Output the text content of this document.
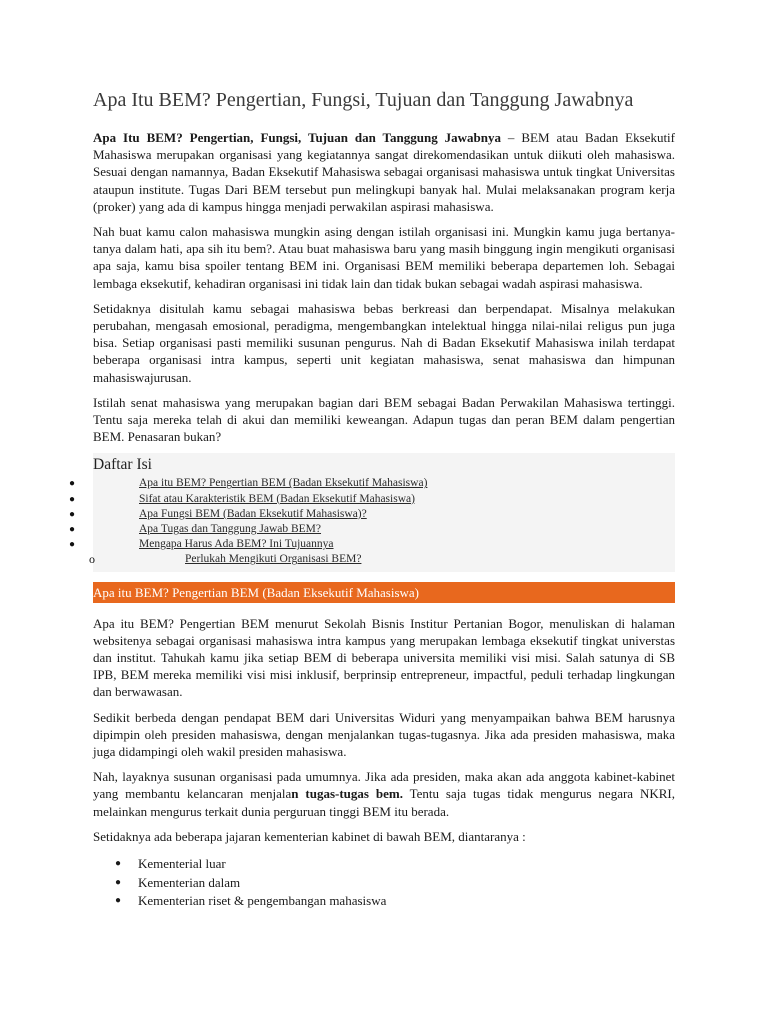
Apa Itu BEM? Pengertian, Fungsi, Tujuan dan Tanggung Jawabnya

Apa Itu BEM? Pengertian, Fungsi, Tujuan dan Tanggung Jawabnya – BEM atau Badan Eksekutif Mahasiswa merupakan organisasi yang kegiatannya sangat direkomendasikan untuk diikuti oleh mahasiswa. Sesuai dengan namannya, Badan Eksekutif Mahasiswa sebagai organisasi mahasiswa untuk tingkat Universitas ataupun institute. Tugas Dari BEM tersebut pun melingkupi banyak hal. Mulai melaksanakan program kerja (proker) yang ada di kampus hingga menjadi perwakilan aspirasi mahasiswa.

Nah buat kamu calon mahasiswa mungkin asing dengan istilah organisasi ini. Mungkin kamu juga bertanya-tanya dalam hati, apa sih itu bem?. Atau buat mahasiswa baru yang masih binggung ingin mengikuti organisasi apa saja, kamu bisa spoiler tentang BEM ini. Organisasi BEM memiliki beberapa departemen loh. Sebagai lembaga eksekutif, kehadiran organisasi ini tidak lain dan tidak bukan sebagai wadah aspirasi mahasiswa.

Setidaknya disitulah kamu sebagai mahasiswa bebas berkreasi dan berpendapat. Misalnya melakukan perubahan, mengasah emosional, peradigma, mengembangkan intelektual hingga nilai-nilai religus pun juga bisa. Setiap organisasi pasti memiliki susunan pengurus. Nah di Badan Eksekutif Mahasiswa inilah terdapat beberapa organisasi intra kampus, seperti unit kegiatan mahasiswa, senat mahasiswa dan himpunan mahasiswajurusan.

Istilah senat mahasiswa yang merupakan bagian dari BEM sebagai Badan Perwakilan Mahasiswa tertinggi. Tentu saja mereka telah di akui dan memiliki keweangan. Adapun tugas dan peran BEM dalam pengertian BEM. Penasaran bukan?

Daftar Isi
●	Apa itu BEM? Pengertian BEM (Badan Eksekutif Mahasiswa)
●	Sifat atau Karakteristik BEM (Badan Eksekutif Mahasiswa)
●	Apa Fungsi BEM (Badan Eksekutif Mahasiswa)?
●	Apa Tugas dan Tanggung Jawab BEM?
●	Mengapa Harus Ada BEM? Ini Tujuannya
o	Perlukah Mengikuti Organisasi BEM?
Apa itu BEM? Pengertian BEM (Badan Eksekutif Mahasiswa)

Apa itu BEM? Pengertian BEM menurut Sekolah Bisnis Institur Pertanian Bogor, menuliskan di halaman websitenya sebagai organisasi mahasiswa intra kampus yang merupakan lembaga eksekutif tingkat universtas dan institut. Tahukah kamu jika setiap BEM di beberapa universita memiliki visi misi. Salah satunya di SB IPB, BEM mereka memiliki visi misi inklusif, berprinsip entrepreneur, impactful, peduli terhadap lingkungan dan berwawasan.

Sedikit berbeda dengan pendapat BEM dari Universitas Widuri yang menyampaikan bahwa BEM harusnya dipimpin oleh presiden mahasiswa, dengan menjalankan tugas-tugasnya. Jika ada presiden mahasiswa, maka juga didampingi oleh wakil presiden mahasiswa.

Nah, layaknya susunan organisasi pada umumnya. Jika ada presiden, maka akan ada anggota kabinet-kabinet yang membantu kelancaran menjalan tugas-tugas bem. Tentu saja tugas tidak mengurus negara NKRI, melainkan mengurus terkait dunia perguruan tinggi BEM itu berada.

Setidaknya ada beberapa jajaran kementerian kabinet di bawah BEM, diantaranya :

● Kementerial luar
● Kementerian dalam
● Kementerian riset & pengembangan mahasiswa
